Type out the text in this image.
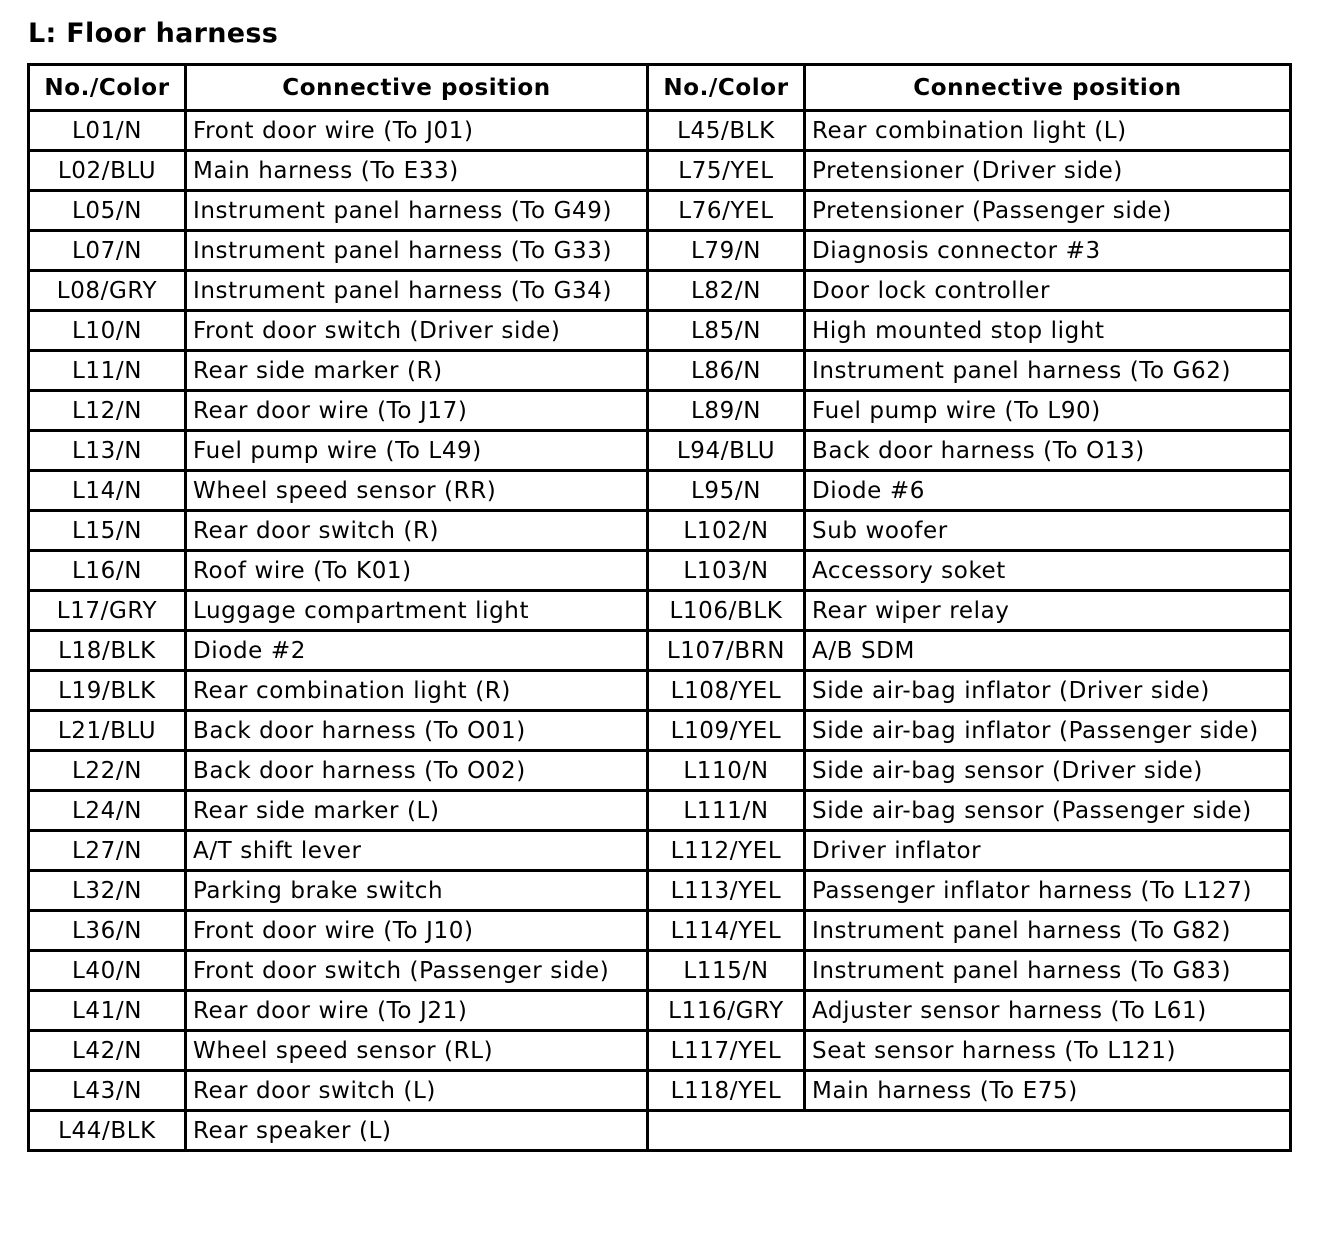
L: Floor harness
No./Color	Connective position	No./Color	Connective position
L01/N	Front door wire (To J01)	L45/BLK	Rear combination light (L)
L02/BLU	Main harness (To E33)	L75/YEL	Pretensioner (Driver side)
L05/N	Instrument panel harness (To G49)	L76/YEL	Pretensioner (Passenger side)
L07/N	Instrument panel harness (To G33)	L79/N	Diagnosis connector #3
L08/GRY	Instrument panel harness (To G34)	L82/N	Door lock controller
L10/N	Front door switch (Driver side)	L85/N	High mounted stop light
L11/N	Rear side marker (R)	L86/N	Instrument panel harness (To G62)
L12/N	Rear door wire (To J17)	L89/N	Fuel pump wire (To L90)
L13/N	Fuel pump wire (To L49)	L94/BLU	Back door harness (To O13)
L14/N	Wheel speed sensor (RR)	L95/N	Diode #6
L15/N	Rear door switch (R)	L102/N	Sub woofer
L16/N	Roof wire (To K01)	L103/N	Accessory soket
L17/GRY	Luggage compartment light	L106/BLK	Rear wiper relay
L18/BLK	Diode #2	L107/BRN	A/B SDM
L19/BLK	Rear combination light (R)	L108/YEL	Side air-bag inflator (Driver side)
L21/BLU	Back door harness (To O01)	L109/YEL	Side air-bag inflator (Passenger side)
L22/N	Back door harness (To O02)	L110/N	Side air-bag sensor (Driver side)
L24/N	Rear side marker (L)	L111/N	Side air-bag sensor (Passenger side)
L27/N	A/T shift lever	L112/YEL	Driver inflator
L32/N	Parking brake switch	L113/YEL	Passenger inflator harness (To L127)
L36/N	Front door wire (To J10)	L114/YEL	Instrument panel harness (To G82)
L40/N	Front door switch (Passenger side)	L115/N	Instrument panel harness (To G83)
L41/N	Rear door wire (To J21)	L116/GRY	Adjuster sensor harness (To L61)
L42/N	Wheel speed sensor (RL)	L117/YEL	Seat sensor harness (To L121)
L43/N	Rear door switch (L)	L118/YEL	Main harness (To E75)
L44/BLK	Rear speaker (L)		
